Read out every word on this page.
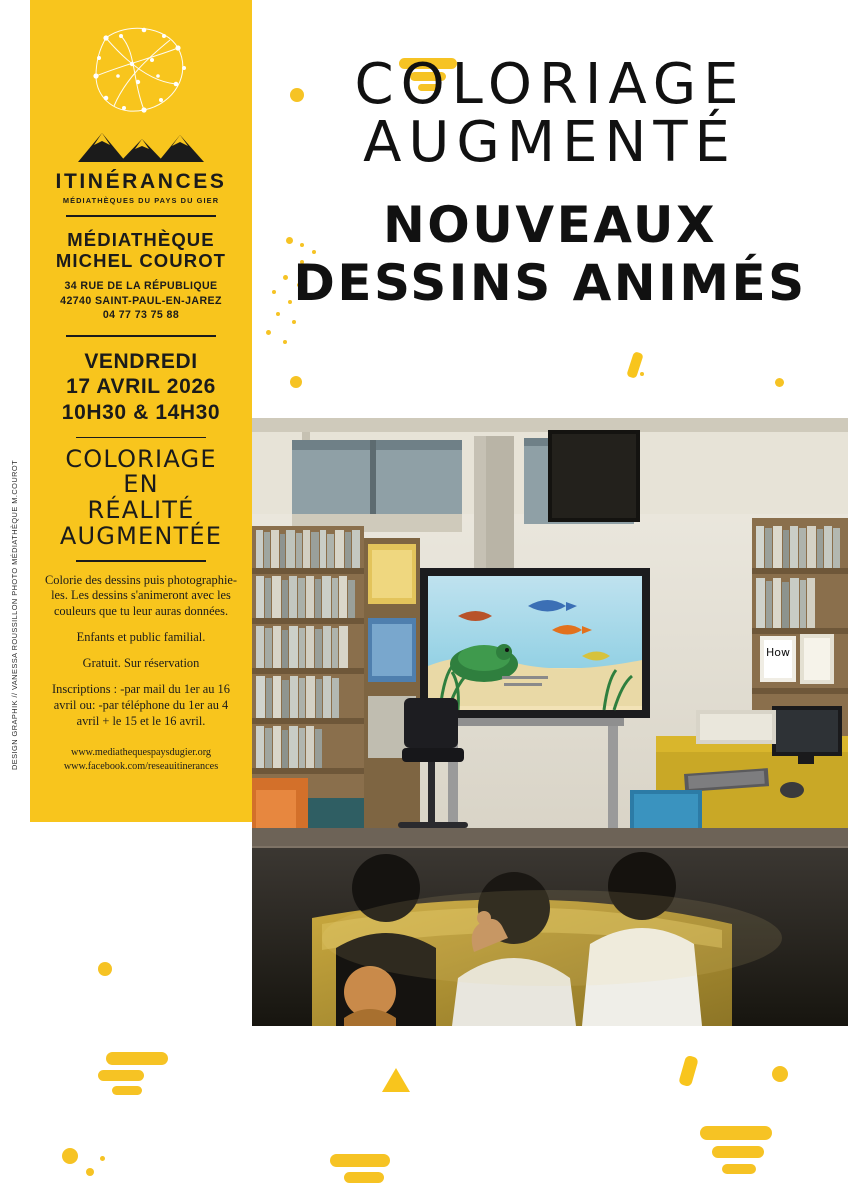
ITINÉRANCES
MÉDIATHÈQUES DU PAYS DU GIER
MÉDIATHÈQUE
MICHEL COUROT
34 RUE DE LA RÉPUBLIQUE
42740 SAINT-PAUL-EN-JAREZ
04 77 73 75 88
VENDREDI
17 AVRIL 2026
10H30 & 14H30
COLORIAGE
EN
RÉALITÉ
AUGMENTÉE

Colorie des dessins puis photographie-les. Les dessins s'animeront avec les couleurs que tu leur auras données.

Enfants et public familial.

Gratuit. Sur réservation

Inscriptions : -par mail du 1er au 16 avril ou: -par téléphone du 1er au 4 avril + le 15 et le 16 avril.

www.mediathequespaysdugier.org
www.facebook.com/reseauitinerances
COLORIAGE
AUGMENTÉ
NOUVEAUX
DESSINS ANIMÉS
How
DESIGN GRAPHIK // VANESSA ROUSSILLON PHOTO MÉDIATHÈQUE M.COUROT
